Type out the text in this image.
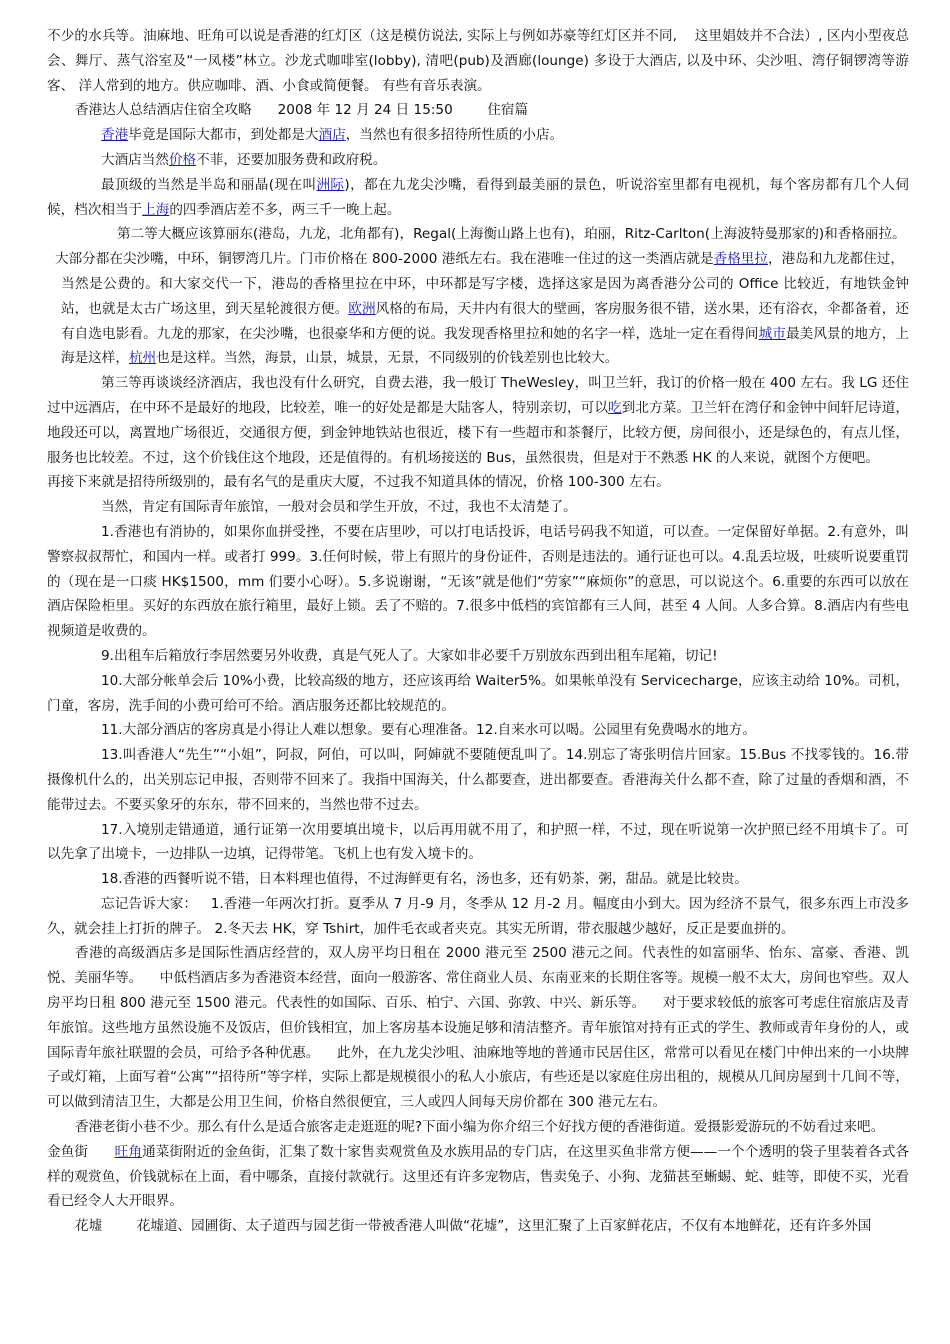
不少的水兵等。油麻地、旺角可以说是香港的红灯区（这是模仿说法, 实际上与例如苏豪等红灯区并不同,    这里娼妓并不合法）, 区内小型夜总会、舞厅、蒸气浴室及“一凤楼”林立。沙龙式咖啡室(lobby), 清吧(pub)及酒廊(lounge) 多设于大酒店, 以及中环、尖沙咀、湾仔铜锣湾等游客、 洋人常到的地方。供应咖啡、酒、小食或简便餐。 有些有音乐表演。

香港达人总结酒店住宿全攻略      2008 年 12 月 24 日 15:50        住宿篇

香港毕竟是国际大都市，到处都是大酒店，当然也有很多招待所性质的小店。

大酒店当然价格不菲，还要加服务费和政府税。

最顶级的当然是半岛和丽晶(现在叫洲际)，都在九龙尖沙嘴，看得到最美丽的景色，听说浴室里都有电视机，每个客房都有几个人伺候，档次相当于上海的四季酒店差不多，两三千一晚上起。

第二等大概应该算丽东(港岛，九龙，北角都有)，Regal(上海衡山路上也有)，珀丽，Ritz-Carlton(上海波特曼那家的)和香格丽拉。

大部分都在尖沙嘴，中环，铜锣湾几片。门市价格在 800-2000 港纸左右。我在港唯一住过的这一类酒店就是香格里拉，港岛和九龙都住过，

当然是公费的。和大家交代一下，港岛的香格里拉在中环，中环都是写字楼，选择这家是因为离香港分公司的 Office 比较近，有地铁金钟站，也就是太古广场这里，到天星轮渡很方便。欧洲风格的布局，天井内有很大的壁画，客房服务很不错，送水果，还有浴衣，伞都备着，还有自选电影看。九龙的那家，在尖沙嘴，也很豪华和方便的说。我发现香格里拉和她的名字一样，选址一定在看得间城市最美风景的地方，上海是这样，杭州也是这样。当然，海景，山景，城景，无景，不同级别的价钱差别也比较大。

第三等再谈谈经济酒店，我也没有什么研究，自费去港，我一般订 TheWesley，叫卫兰轩，我订的价格一般在 400 左右。我 LG 还住过中远酒店，在中环不是最好的地段，比较差，唯一的好处是都是大陆客人，特别亲切，可以吃到北方菜。卫兰轩在湾仔和金钟中间轩尼诗道，地段还可以，离置地广场很近，交通很方便，到金钟地铁站也很近，楼下有一些超市和茶餐厅，比较方便，房间很小，还是绿色的，有点儿怪，服务也比较差。不过，这个价钱住这个地段，还是值得的。有机场接送的 Bus，虽然很贵，但是对于不熟悉 HK 的人来说，就图个方便吧。

再接下来就是招待所级别的，最有名气的是重庆大厦，不过我不知道具体的情况，价格 100-300 左右。

当然，肯定有国际青年旅馆，一般对会员和学生开放，不过，我也不太清楚了。

1.香港也有消协的，如果你血拼受挫，不要在店里吵，可以打电话投诉，电话号码我不知道，可以查。一定保留好单据。2.有意外，叫警察叔叔帮忙，和国内一样。或者打 999。3.任何时候，带上有照片的身份证件，否则是违法的。通行证也可以。4.乱丢垃圾，吐痰听说要重罚的（现在是一口痰 HK$1500，mm 们要小心呀）。5.多说谢谢，“无该”就是他们“劳家”“麻烦你”的意思，可以说这个。6.重要的东西可以放在酒店保险柜里。买好的东西放在旅行箱里，最好上锁。丢了不赔的。7.很多中低档的宾馆都有三人间，甚至 4 人间。人多合算。8.酒店内有些电视频道是收费的。

9.出租车后箱放行李居然要另外收费，真是气死人了。大家如非必要千万别放东西到出租车尾箱，切记!

10.大部分帐单会后 10%小费，比较高级的地方，还应该再给 Waiter5%。如果帐单没有 Servicecharge，应该主动给 10%。司机，门童，客房，洗手间的小费可给可不给。酒店服务还都比较规范的。

11.大部分酒店的客房真是小得让人难以想象。要有心理准备。12.自来水可以喝。公园里有免费喝水的地方。

13.叫香港人“先生”“小姐”，阿叔，阿伯，可以叫，阿婶就不要随便乱叫了。14.别忘了寄张明信片回家。15.Bus 不找零钱的。16.带摄像机什么的，出关别忘记申报，否则带不回来了。我指中国海关，什么都要查，进出都要查。香港海关什么都不查，除了过量的香烟和酒，不能带过去。不要买象牙的东东，带不回来的，当然也带不过去。

17.入境别走错通道，通行证第一次用要填出境卡，以后再用就不用了，和护照一样，不过，现在听说第一次护照已经不用填卡了。可以先拿了出境卡，一边排队一边填，记得带笔。飞机上也有发入境卡的。

18.香港的西餐听说不错，日本料理也值得，不过海鲜更有名，汤也多，还有奶茶，粥，甜品。就是比较贵。

忘记告诉大家：   1.香港一年两次打折。夏季从 7 月-9 月，冬季从 12 月-2 月。幅度由小到大。因为经济不景气，很多东西上市没多久，就会挂上打折的牌子。 2.冬天去 HK，穿 Tshirt，加件毛衣或者夹克。其实无所谓，带衣服越少越好，反正是要血拼的。

香港的高级酒店多是国际性酒店经营的，双人房平均日租在 2000 港元至 2500 港元之间。代表性的如富丽华、怡东、富豪、香港、凯悦、美丽华等。    中低档酒店多为香港资本经营，面向一般游客、常住商业人员、东南亚来的长期住客等。规模一般不太大，房间也窄些。双人房平均日租 800 港元至 1500 港元。代表性的如国际、百乐、柏宁、六国、弥敦、中兴、新乐等。    对于要求较低的旅客可考虑住宿旅店及青年旅馆。这些地方虽然设施不及饭店，但价钱相宜，加上客房基本设施足够和清洁整齐。青年旅馆对持有正式的学生、教师或青年身份的人，或国际青年旅社联盟的会员，可给予各种优惠。    此外，在九龙尖沙咀、油麻地等地的普通市民居住区，常常可以看见在楼门中伸出来的一小块牌子或灯箱，上面写着“公寓”“招待所”等字样，实际上都是规模很小的私人小旅店，有些还是以家庭住房出租的，规模从几间房屋到十几间不等，可以做到清洁卫生，大都是公用卫生间，价格自然很便宜，三人或四人间每天房价都在 300 港元左右。

香港老街小巷不少。那么有什么是适合旅客走走逛逛的呢?下面小编为你介绍三个好找方便的香港街道。爱摄影爱游玩的不妨看过来吧。

金鱼街      旺角通菜街附近的金鱼街，汇集了数十家售卖观赏鱼及水族用品的专门店，在这里买鱼非常方便——一个个透明的袋子里装着各式各样的观赏鱼，价钱就标在上面，看中哪条，直接付款就行。这里还有许多宠物店，售卖兔子、小狗、龙猫甚至蜥蜴、蛇、蛙等，即使不买，光看看已经令人大开眼界。

花墟        花墟道、园圃街、太子道西与园艺街一带被香港人叫做“花墟”，这里汇聚了上百家鲜花店，不仅有本地鲜花，还有许多外国
